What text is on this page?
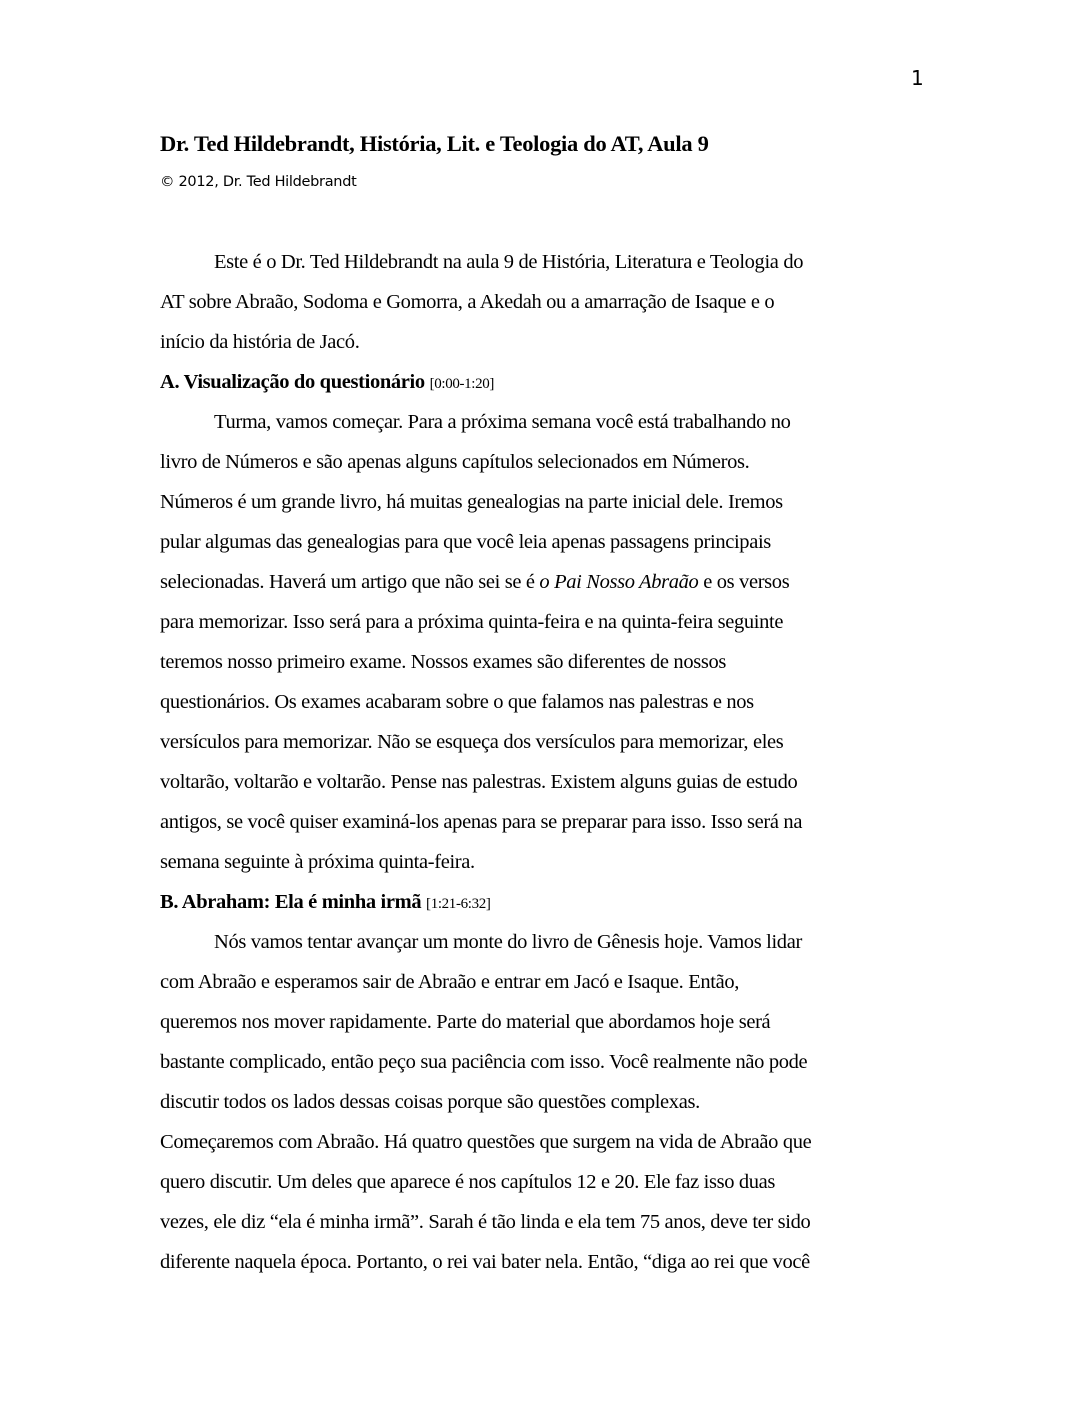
1
Dr. Ted Hildebrandt, História, Lit. e Teologia do AT, Aula 9
© 2012, Dr. Ted Hildebrandt

Este é o Dr. Ted Hildebrandt na aula 9 de História, Literatura e Teologia do
AT sobre Abraão, Sodoma e Gomorra, a Akedah ou a amarração de Isaque e o
início da história de Jacó.

A. Visualização do questionário [0:00-1:20]

Turma, vamos começar. Para a próxima semana você está trabalhando no
livro de Números e são apenas alguns capítulos selecionados em Números.
Números é um grande livro, há muitas genealogias na parte inicial dele. Iremos
pular algumas das genealogias para que você leia apenas passagens principais
selecionadas. Haverá um artigo que não sei se é o Pai Nosso Abraão e os versos
para memorizar. Isso será para a próxima quinta-feira e na quinta-feira seguinte
teremos nosso primeiro exame. Nossos exames são diferentes de nossos
questionários. Os exames acabaram sobre o que falamos nas palestras e nos
versículos para memorizar. Não se esqueça dos versículos para memorizar, eles
voltarão, voltarão e voltarão. Pense nas palestras. Existem alguns guias de estudo
antigos, se você quiser examiná-los apenas para se preparar para isso. Isso será na
semana seguinte à próxima quinta-feira.

B. Abraham: Ela é minha irmã [1:21-6:32]

Nós vamos tentar avançar um monte do livro de Gênesis hoje. Vamos lidar
com Abraão e esperamos sair de Abraão e entrar em Jacó e Isaque. Então,
queremos nos mover rapidamente. Parte do material que abordamos hoje será
bastante complicado, então peço sua paciência com isso. Você realmente não pode
discutir todos os lados dessas coisas porque são questões complexas.
Começaremos com Abraão. Há quatro questões que surgem na vida de Abraão que
quero discutir. Um deles que aparece é nos capítulos 12 e 20. Ele faz isso duas
vezes, ele diz “ela é minha irmã”. Sarah é tão linda e ela tem 75 anos, deve ter sido
diferente naquela época. Portanto, o rei vai bater nela. Então, “diga ao rei que você
